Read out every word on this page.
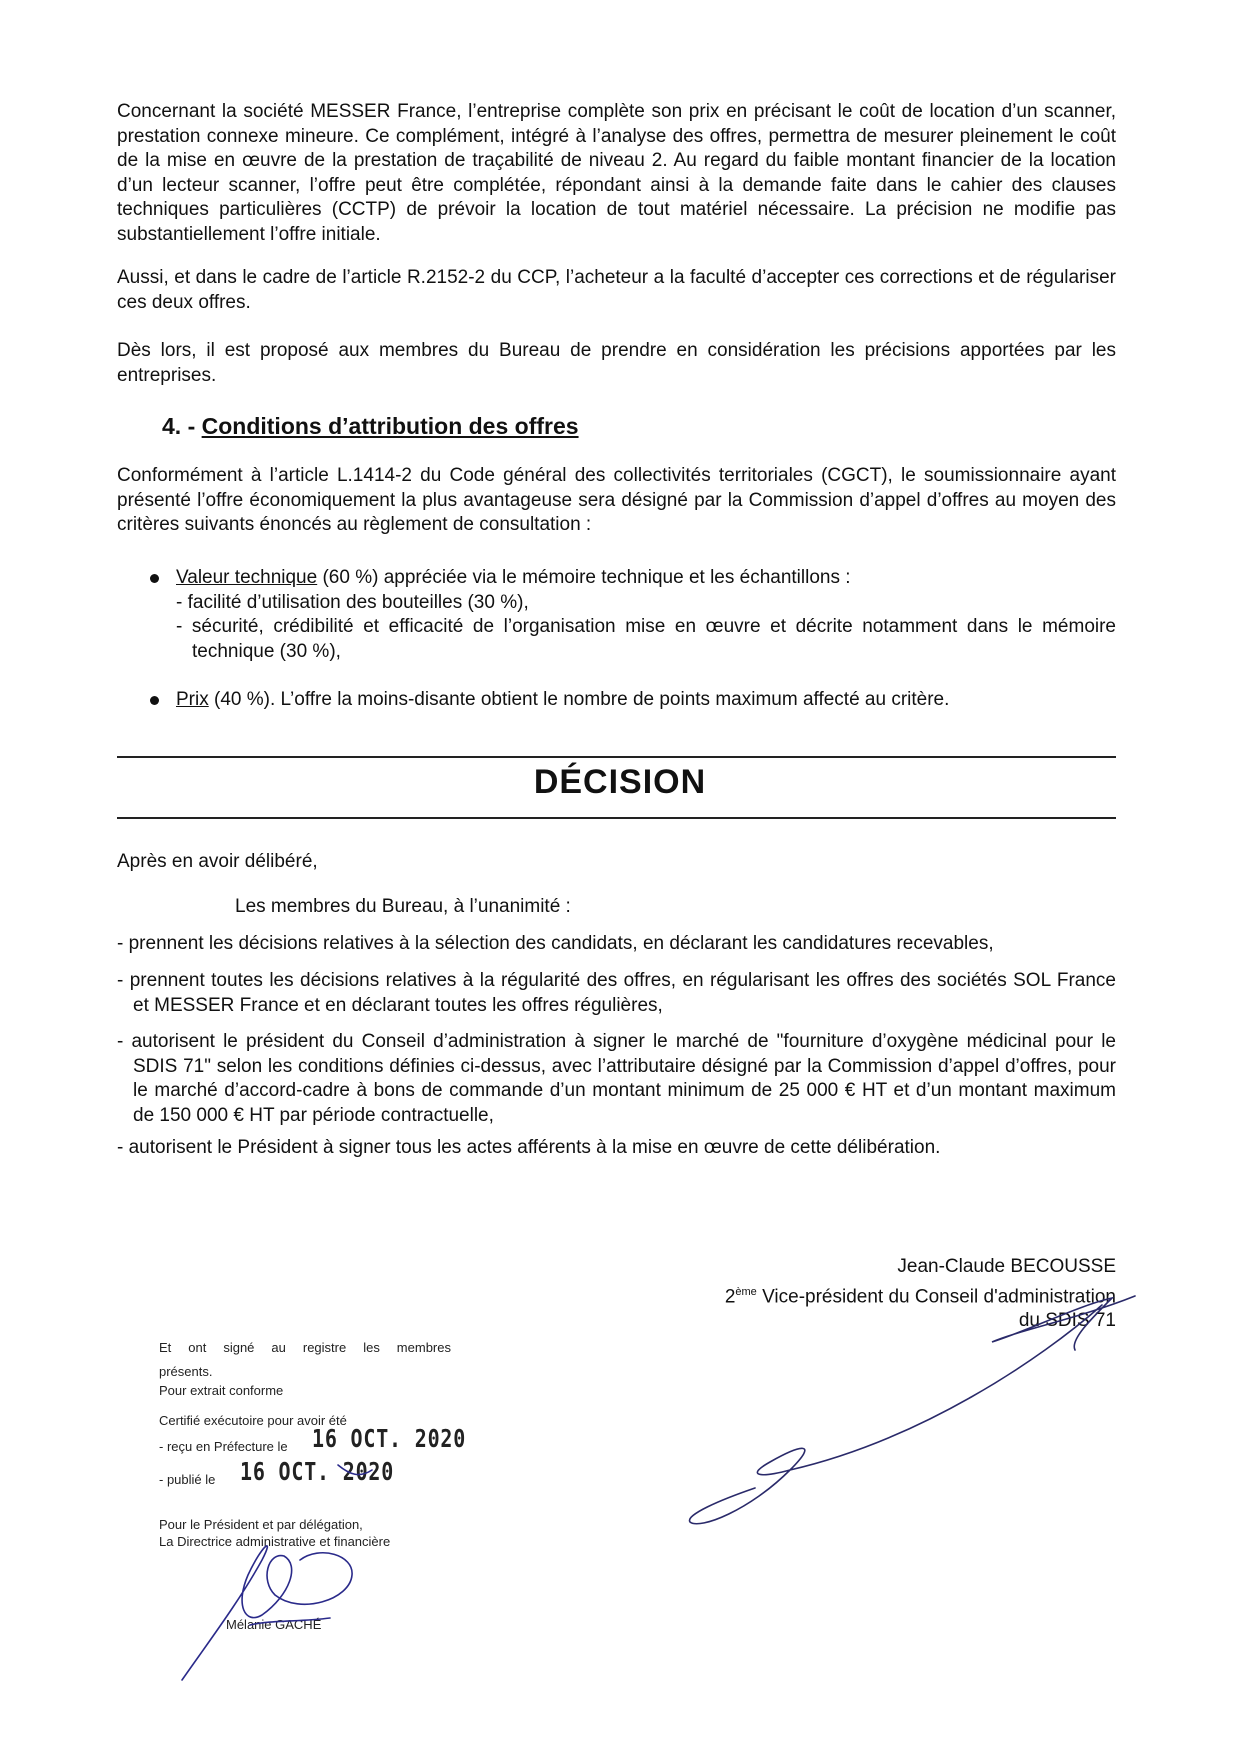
Concernant la société MESSER France, l’entreprise complète son prix en précisant le coût de location d’un scanner, prestation connexe mineure. Ce complément, intégré à l’analyse des offres, permettra de mesurer pleinement le coût de la mise en œuvre de la prestation de traçabilité de niveau 2. Au regard du faible montant financier de la location d’un lecteur scanner, l’offre peut être complétée, répondant ainsi à la demande faite dans le cahier des clauses techniques particulières (CCTP) de prévoir la location de tout matériel nécessaire. La précision ne modifie pas substantiellement l’offre initiale.

Aussi, et dans le cadre de l’article R.2152-2 du CCP, l’acheteur a la faculté d’accepter ces corrections et de régulariser ces deux offres.

Dès lors, il est proposé aux membres du Bureau de prendre en considération les précisions apportées par les entreprises.

4. - Conditions d’attribution des offres

Conformément à l’article L.1414-2 du Code général des collectivités territoriales (CGCT), le soumissionnaire ayant présenté l’offre économiquement la plus avantageuse sera désigné par la Commission d’appel d’offres au moyen des critères suivants énoncés au règlement de consultation :

Valeur technique (60 %) appréciée via le mémoire technique et les échantillons :
- facilité d’utilisation des bouteilles (30 %),
- sécurité, crédibilité et efficacité de l’organisation mise en œuvre et décrite notamment dans le mémoire technique (30 %),
Prix (40 %). L’offre la moins-disante obtient le nombre de points maximum affecté au critère.
DÉCISION
Après en avoir délibéré,
Les membres du Bureau, à l’unanimité :
- prennent les décisions relatives à la sélection des candidats, en déclarant les candidatures recevables,
- prennent toutes les décisions relatives à la régularité des offres, en régularisant les offres des sociétés SOL France et MESSER France et en déclarant toutes les offres régulières,
- autorisent le président du Conseil d’administration à signer le marché de "fourniture d’oxygène médicinal pour le SDIS 71" selon les conditions définies ci-dessus, avec l’attributaire désigné par la Commission d’appel d’offres, pour le marché d’accord-cadre à bons de commande d’un montant minimum de 25 000 € HT et d’un montant maximum de 150 000 € HT par période contractuelle,
- autorisent le Président à signer tous les actes afférents à la mise en œuvre de cette délibération.
Jean-Claude BECOUSSE
2ème Vice-président du Conseil d'administration
du SDIS 71
Et ont signé au registre les membres
présents.
Pour extrait conforme
Certifié exécutoire pour avoir été
- reçu en Préfecture le 16 OCT. 2020
- publié le 16 OCT. 2020
Pour le Président et par délégation,
La Directrice administrative et financière
Mélanie GACHÉ
